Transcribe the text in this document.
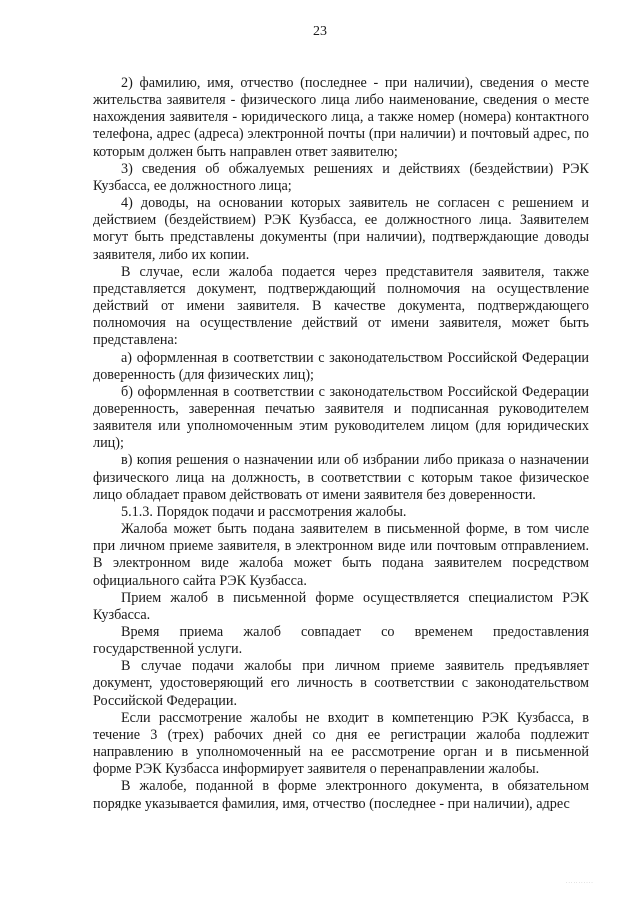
23

2) фамилию, имя, отчество (последнее - при наличии), сведения о месте жительства заявителя - физического лица либо наименование, сведения о месте нахождения заявителя - юридического лица, а также номер (номера) контактного телефона, адрес (адреса) электронной почты (при наличии) и почтовый адрес, по которым должен быть направлен ответ заявителю;

3) сведения об обжалуемых решениях и действиях (бездействии) РЭК Кузбасса, ее должностного лица;

4) доводы, на основании которых заявитель не согласен с решением и действием (бездействием) РЭК Кузбасса, ее должностного лица. Заявителем могут быть представлены документы (при наличии), подтверждающие доводы заявителя, либо их копии.

В случае, если жалоба подается через представителя заявителя, также представляется документ, подтверждающий полномочия на осуществление действий от имени заявителя. В качестве документа, подтверждающего полномочия на осуществление действий от имени заявителя, может быть представлена:

а) оформленная в соответствии с законодательством Российской Федерации доверенность (для физических лиц);

б) оформленная в соответствии с законодательством Российской Федерации доверенность, заверенная печатью заявителя и подписанная руководителем заявителя или уполномоченным этим руководителем лицом (для юридических лиц);

в) копия решения о назначении или об избрании либо приказа о назначении физического лица на должность, в соответствии с которым такое физическое лицо обладает правом действовать от имени заявителя без доверенности.

5.1.3. Порядок подачи и рассмотрения жалобы.

Жалоба может быть подана заявителем в письменной форме, в том числе при личном приеме заявителя, в электронном виде или почтовым отправлением. В электронном виде жалоба может быть подана заявителем посредством официального сайта РЭК Кузбасса.

Прием жалоб в письменной форме осуществляется специалистом РЭК Кузбасса.

Время приема жалоб совпадает со временем предоставления государственной услуги.

В случае подачи жалобы при личном приеме заявитель предъявляет документ, удостоверяющий его личность в соответствии с законодательством Российской Федерации.

Если рассмотрение жалобы не входит в компетенцию РЭК Кузбасса, в течение 3 (трех) рабочих дней со дня ее регистрации жалоба подлежит направлению в уполномоченный на ее рассмотрение орган и в письменной форме РЭК Кузбасса информирует заявителя о перенаправлении жалобы.

В жалобе, поданной в форме электронного документа, в обязательном порядке указывается фамилия, имя, отчество (последнее - при наличии), адрес

· · · · · · · · · · ·
